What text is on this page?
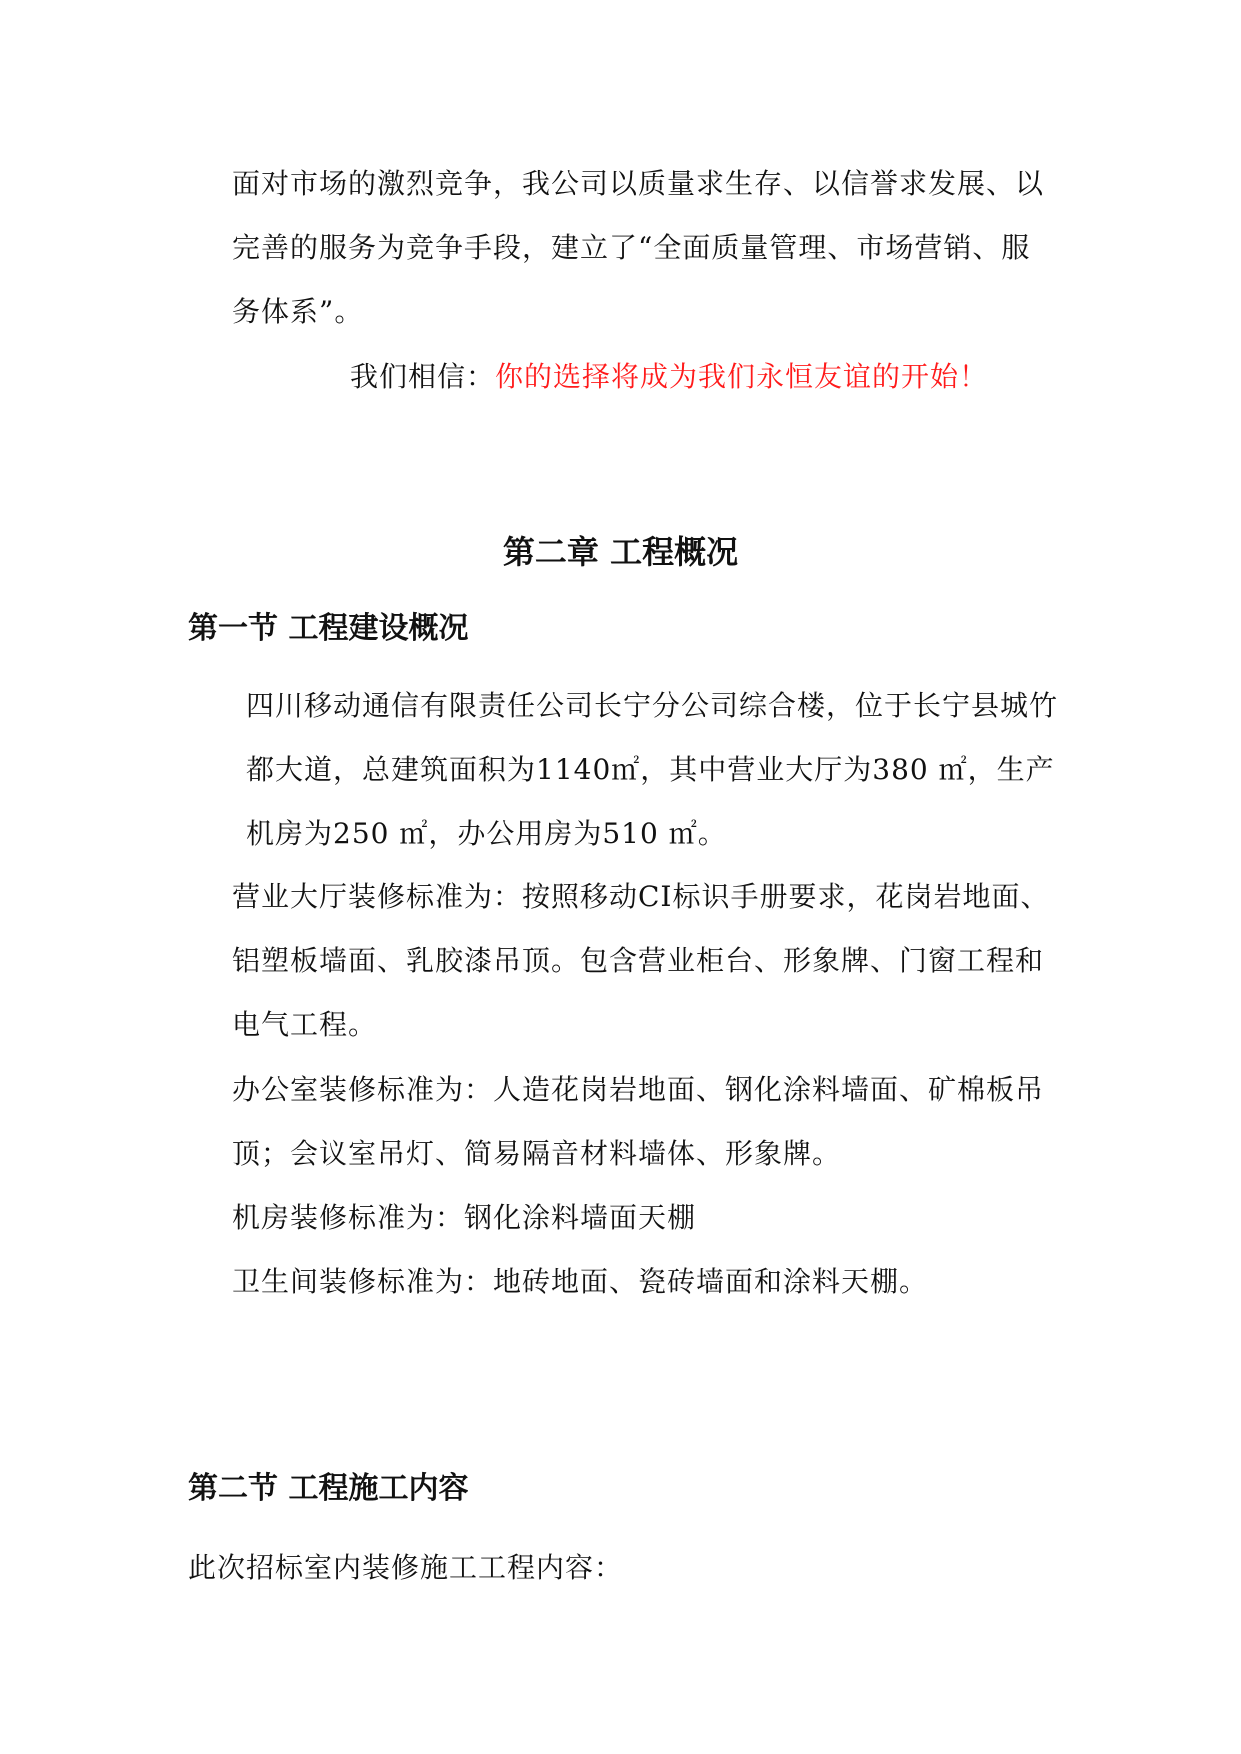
面对市场的激烈竞争，我公司以质量求生存、以信誉求发展、以
完善的服务为竞争手段，建立了“全面质量管理、市场营销、服
务体系”。
我们相信：你的选择将成为我们永恒友谊的开始！
第二章 工程概况
第一节 工程建设概况
四川移动通信有限责任公司长宁分公司综合楼，位于长宁县城竹
都大道，总建筑面积为1140㎡，其中营业大厅为380 ㎡，生产
机房为250 ㎡，办公用房为510 ㎡。
营业大厅装修标准为：按照移动CI标识手册要求，花岗岩地面、
铝塑板墙面、乳胶漆吊顶。包含营业柜台、形象牌、门窗工程和
电气工程。
办公室装修标准为：人造花岗岩地面、钢化涂料墙面、矿棉板吊
顶；会议室吊灯、简易隔音材料墙体、形象牌。
机房装修标准为：钢化涂料墙面天棚
卫生间装修标准为：地砖地面、瓷砖墙面和涂料天棚。
第二节 工程施工内容
此次招标室内装修施工工程内容：
